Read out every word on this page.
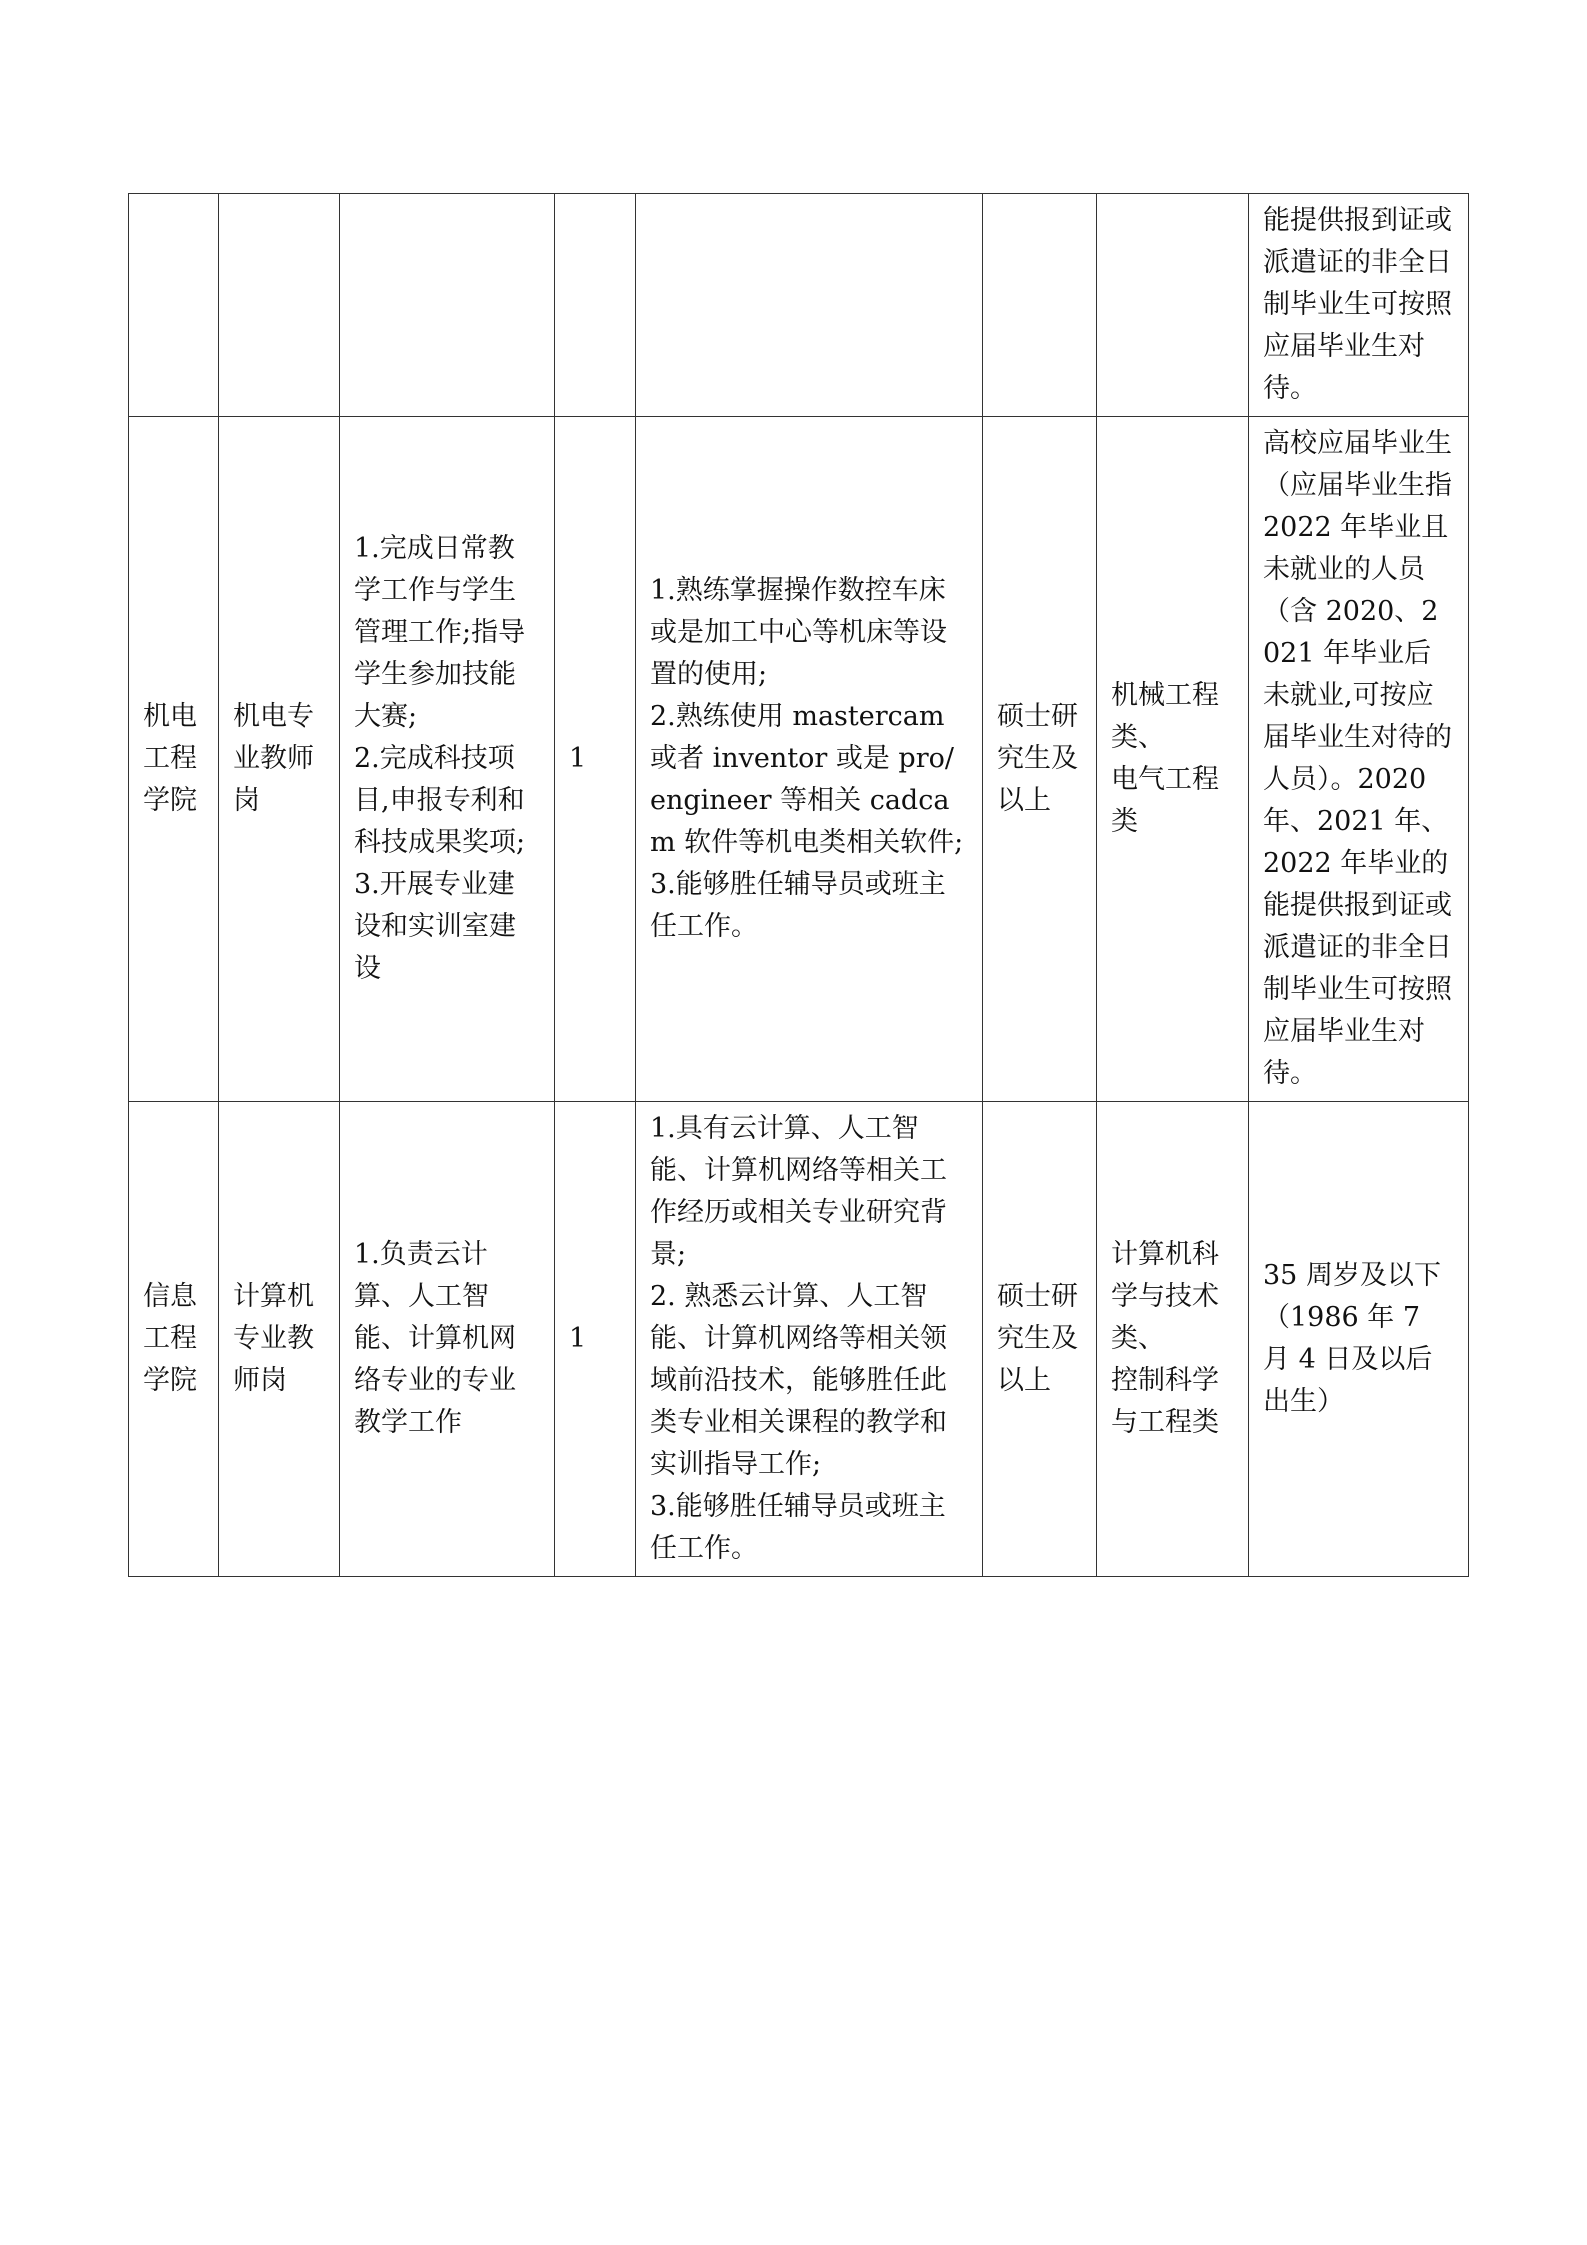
							能提供报到证或派遣证的非全日制毕业生可按照应届毕业生对待。

机电工程学院	机电专业教师岗	1.完成日常教学工作与学生管理工作;指导学生参加技能大赛;
2.完成科技项目,申报专利和科技成果奖项;
3.开展专业建设和实训室建设	1	1.熟练掌握操作数控车床或是加工中心等机床等设置的使用;
2.熟练使用 mastercam 或者 inventor 或是 pro/engineer 等相关 cadcam 软件等机电类相关软件;
3.能够胜任辅导员或班主任工作。	硕士研究生及以上	机械工程类、
电气工程类	高校应届毕业生（应届毕业生指 2022 年毕业且未就业的人员（含 2020、2021 年毕业后未就业,可按应届毕业生对待的人员）。2020 年、2021 年、2022 年毕业的能提供报到证或派遣证的非全日制毕业生可按照应届毕业生对待。

信息工程学院	计算机专业教师岗	1.负责云计算、人工智能、计算机网络专业的专业教学工作	1	1.具有云计算、人工智能、计算机网络等相关工作经历或相关专业研究背景;
2. 熟悉云计算、人工智能、计算机网络等相关领域前沿技术，能够胜任此类专业相关课程的教学和实训指导工作;
3.能够胜任辅导员或班主任工作。	硕士研究生及以上	计算机科学与技术类、
控制科学与工程类	35 周岁及以下（1986 年 7 月 4 日及以后出生）
